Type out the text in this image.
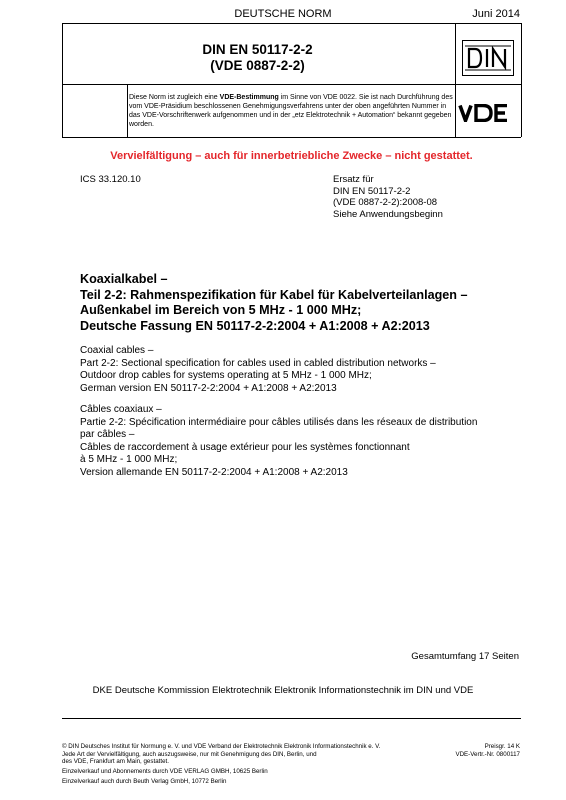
DEUTSCHE NORM	Juni 2014
DIN EN 50117-2-2
(VDE 0887-2-2)
Diese Norm ist zugleich eine VDE-Bestimmung im Sinne von VDE 0022. Sie ist nach Durchführung des vom VDE-Präsidium beschlossenen Genehmigungsverfahrens unter der oben angeführten Nummer in das VDE-Vorschriftenwerk aufgenommen und in der „etz Elektrotechnik + Automation“ bekannt gegeben worden.
Vervielfältigung – auch für innerbetriebliche Zwecke – nicht gestattet.
ICS 33.120.10	Ersatz für
DIN EN 50117-2-2
(VDE 0887-2-2):2008-08
Siehe Anwendungsbeginn
Koaxialkabel –
Teil 2-2: Rahmenspezifikation für Kabel für Kabelverteilanlagen –
Außenkabel im Bereich von 5 MHz - 1 000 MHz;
Deutsche Fassung EN 50117-2-2:2004 + A1:2008 + A2:2013
Coaxial cables –
Part 2-2: Sectional specification for cables used in cabled distribution networks –
Outdoor drop cables for systems operating at 5 MHz - 1 000 MHz;
German version EN 50117-2-2:2004 + A1:2008 + A2:2013
Câbles coaxiaux –
Partie 2-2: Spécification intermédiaire pour câbles utilisés dans les réseaux de distribution
par câbles –
Câbles de raccordement à usage extérieur pour les systèmes fonctionnant
à 5 MHz - 1 000 MHz;
Version allemande EN 50117-2-2:2004 + A1:2008 + A2:2013
Gesamtumfang 17 Seiten
DKE Deutsche Kommission Elektrotechnik Elektronik Informationstechnik im DIN und VDE
© DIN Deutsches Institut für Normung e. V. und VDE Verband der Elektrotechnik Elektronik Informationstechnik e. V.
Jede Art der Vervielfältigung, auch auszugsweise, nur mit Genehmigung des DIN, Berlin, und
des VDE, Frankfurt am Main, gestattet.
Preisgr. 14 K
VDE-Vertr.-Nr. 0800117
Einzelverkauf und Abonnements durch VDE VERLAG GMBH, 10625 Berlin
Einzelverkauf auch durch Beuth Verlag GmbH, 10772 Berlin
